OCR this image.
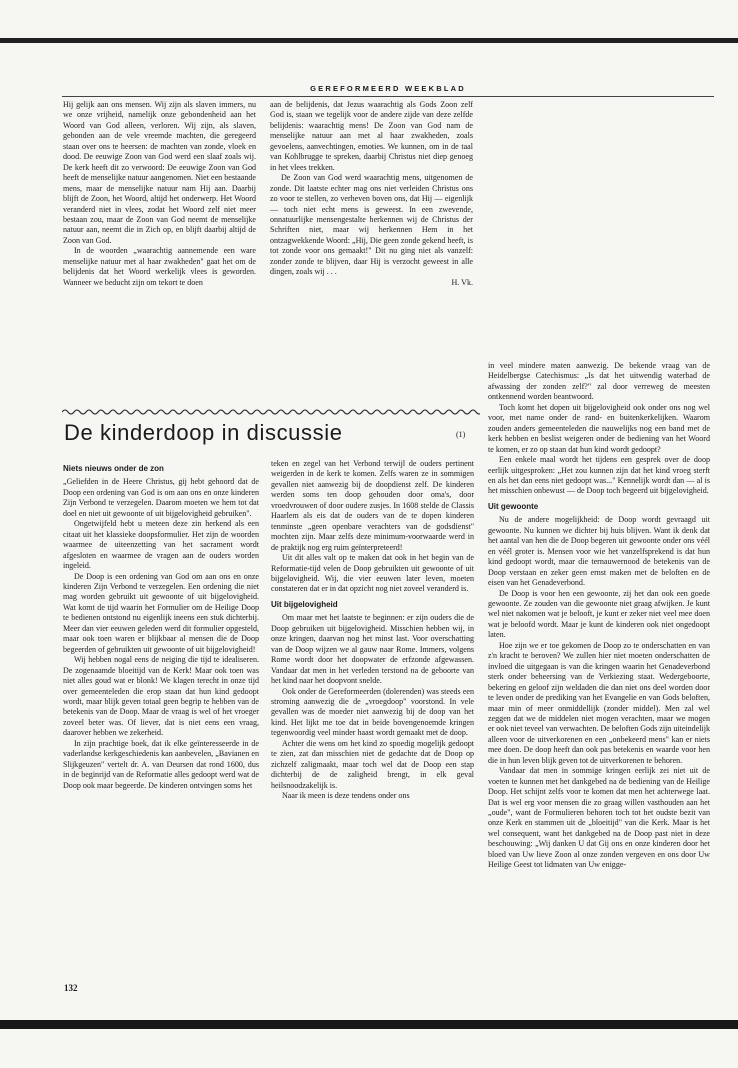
GEREFORMEERD WEEKBLAD

Hij gelijk aan ons mensen. Wij zijn als slaven immers, nu we onze vrijheid, namelijk onze gebondenheid aan het Woord van God alleen, verloren. Wij zijn, als slaven, gebonden aan de vele vreemde machten, die geregeerd staan over ons te heersen: de machten van zonde, vloek en dood. De eeuwige Zoon van God werd een slaaf zoals wij. De kerk heeft dit zo verwoord: De eeuwige Zoon van God heeft de menselijke natuur aangenomen. Niet een bestaande mens, maar de menselijke natuur nam Hij aan. Daarbij blijft de Zoon, het Woord, altijd het onderwerp. Het Woord veranderd niet in vlees, zodat het Woord zelf niet meer bestaan zou, maar de Zoon van God neemt de menselijke natuur aan, neemt die in Zich op, en blijft daarbij altijd de Zoon van God.

In de woorden „waarachtig aannemende een ware menselijke natuur met al haar zwakheden" gaat het om de belijdenis dat het Woord werkelijk vlees is geworden. Wanneer we beducht zijn om tekort te doen

aan de belijdenis, dat Jezus waarachtig als Gods Zoon zelf God is, staan we tegelijk voor de andere zijde van deze zelfde belijdenis: waarachtig mens! De Zoon van God nam de menselijke natuur aan met al haar zwakheden, zoals gevoelens, aanvechtingen, emoties. We kunnen, om in de taal van Kohlbrugge te spreken, daarbij Christus niet diep genoeg in het vlees trekken.

De Zoon van God werd waarachtig mens, uitgenomen de zonde. Dit laatste echter mag ons niet verleiden Christus ons zo voor te stellen, zo verheven boven ons, dat Hij — eigenlijk — toch niet echt mens is geweest. In een zwevende, onnatuurlijke mensengestalte herkennen wij de Christus der Schriften niet, maar wij herkennen Hem in het ontzagwekkende Woord: „Hij, Die geen zonde gekend heeft, is tot zonde voor ons gemaakt!" Dit nu ging niet als vanzelf: zonder zonde te blijven, daar Hij is verzocht geweest in alle dingen, zoals wij . . .

H. Vk.

De kinderdoop in discussie	(1)
Niets nieuws onder de zon

„Geliefden in de Heere Christus, gij hebt gehoord dat de Doop een ordening van God is om aan ons en onze kinderen Zijn Verbond te verzegelen. Daarom moeten we hem tot dat doel en niet uit gewoonte of uit bijgelovigheid gebruiken".

Ongetwijfeld hebt u meteen deze zin herkend als een citaat uit het klassieke doopsformulier. Het zijn de woorden waarmee de uiteenzetting van het sacrament wordt afgesloten en waarmee de vragen aan de ouders worden ingeleid.

De Doop is een ordening van God om aan ons en onze kinderen Zijn Verbond te verzegelen. Een ordening die niet mag worden gebruikt uit gewoonte of uit bijgelovigheid. Wat komt de tijd waarin het Formulier om de Heilige Doop te bedienen ontstond nu eigenlijk ineens een stuk dichterbij. Meer dan vier eeuwen geleden werd dit formulier opgesteld, maar ook toen waren er blijkbaar al mensen die de Doop begeerden of gebruikten uit gewoonte of uit bijgelovigheid!

Wij hebben nogal eens de neiging die tijd te idealiseren. De zogenaamde bloeitijd van de Kerk! Maar ook toen was niet alles goud wat er blonk! We klagen terecht in onze tijd over gemeenteleden die erop staan dat hun kind gedoopt wordt, maar blijk geven totaal geen begrip te hebben van de betekenis van de Doop. Maar de vraag is wel of het vroeger zoveel beter was. Of liever, dat is niet eens een vraag, daarover hebben we zekerheid.

In zijn prachtige boek, dat ik elke geïnteresseerde in de vaderlandse kerkgeschiedenis kan aanbevelen, „Bavianen en Slijkgeuzen" vertelt dr. A. van Deursen dat rond 1600, dus in de beginrijd van de Reformatie alles gedoopt werd wat de Doop ook maar begeerde. De kinderen ontvingen soms het

teken en zegel van het Verbond terwijl de ouders pertinent weigerden in de kerk te komen. Zelfs waren ze in sommigen gevallen niet aanwezig bij de doopdienst zelf. De kinderen werden soms ten doop gehouden door oma's, door vroedvrouwen of door oudere zusjes. In 1608 stelde de Classis Haarlem als eis dat de ouders van de te dopen kinderen tenminste „geen openbare verachters van de godsdienst" mochten zijn. Maar zelfs deze minimum-voorwaarde werd in de praktijk nog erg ruim geïnterpreteerd!

Uit dit alles valt op te maken dat ook in het begin van de Reformatie-tijd velen de Doop gebruikten uit gewoonte of uit bijgelovigheid. Wij, die vier eeuwen later leven, moeten constateren dat er in dat opzicht nog niet zoveel veranderd is.

Uit bijgelovigheid

Om maar met het laatste te beginnen: er zijn ouders die de Doop gebruiken uit bijgelovigheid. Misschien hebben wij, in onze kringen, daarvan nog het minst last. Voor overschatting van de Doop wijzen we al gauw naar Rome. Immers, volgens Rome wordt door het doopwater de erfzonde afgewassen. Vandaar dat men in het verleden terstond na de geboorte van het kind naar het doopvont snelde.

Ook onder de Gereformeerden (dolerenden) was steeds een stroming aanwezig die de „vroegdoop" voorstond. In vele gevallen was de moeder niet aanwezig bij de doop van het kind. Het lijkt me toe dat in beide bovengenoemde kringen tegenwoordig veel minder haast wordt gemaakt met de doop.

Achter die wens om het kind zo spoedig mogelijk gedoopt te zien, zat dan misschien niet de gedachte dat de Doop op zichzelf zaligmaakt, maar toch wel dat de Doop een stap dichterbij de de zaligheid brengt, in elk geval heilsnoodzakelijk is.

Naar ik meen is deze tendens onder ons

in veel mindere maten aanwezig. De bekende vraag van de Heidelbergse Catechismus: „Is dat het uitwendig waterbad de afwassing der zonden zelf?" zal door verreweg de meesten ontkennend worden beantwoord.

Toch komt het dopen uit bijgelovigheid ook onder ons nog wel voor, met name onder de rand- en buitenkerkelijken. Waarom zouden anders gemeenteleden die nauwelijks nog een band met de kerk hebben en beslist weigeren onder de bediening van het Woord te komen, er zo op staan dat hun kind wordt gedoopt?

Een enkele maal wordt het tijdens een gesprek over de doop eerlijk uitgesproken: „Het zou kunnen zijn dat het kind vroeg sterft en als het dan eens niet gedoopt was..." Kennelijk wordt dan — al is het misschien onbewust — de Doop toch begeerd uit bijgelovigheid.

Uit gewoonte

Nu de andere mogelijkheid: de Doop wordt gevraagd uit gewoonte. Nu kunnen we dichter bij huis blijven. Want ik denk dat het aantal van hen die de Doop begeren uit gewoonte onder ons véél en véél groter is. Mensen voor wie het vanzelfsprekend is dat hun kind gedoopt wordt, maar die ternauwernood de betekenis van de Doop verstaan en zeker geen ernst maken met de beloften en de eisen van het Genadeverbond.

De Doop is voor hen een gewoonte, zij het dan ook een goede gewoonte. Ze zouden van die gewoonte niet graag afwijken. Je kunt wel niet nakomen wat je belooft, je kunt er zeker niet veel mee doen wat je beloofd wordt. Maar je kunt de kinderen ook niet ongedoopt laten.

Hoe zijn we er toe gekomen de Doop zo te onderschatten en van z'n kracht te beroven? We zullen hier niet moeten onderschatten de invloed die uitgegaan is van die kringen waarin het Genadeverbond sterk onder beheersing van de Verkiezing staat. Wedergeboorte, bekering en geloof zijn weldaden die dan niet ons deel worden door te leven onder de prediking van het Evangelie en van Gods beloften, maar min of meer onmiddellijk (zonder middel). Men zal wel zeggen dat we de middelen niet mogen verachten, maar we mogen er ook niet teveel van verwachten. De beloften Gods zijn uiteindelijk alleen voor de uitverkorenen en een „onbekeerd mens" kan er niets mee doen. De doop heeft dan ook pas betekenis en waarde voor hen die in hun leven blijk geven tot de uitverkorenen te behoren.

Vandaar dat men in sommige kringen eerlijk zei niet uit de voeten te kunnen met het dankgebed na de bediening van de Heilige Doop. Het schijnt zelfs voor te komen dat men het achterwege laat. Dat is wel erg voor mensen die zo graag willen vasthouden aan het „oude", want de Formulieren behoren toch tot het oudste bezit van onze Kerk en stammen uit de „bloeitijd" van die Kerk. Maar is het wel consequent, want het dankgebed na de Doop past niet in deze beschouwing: „Wij danken U dat Gij ons en onze kinderen door het bloed van Uw lieve Zoon al onze zonden vergeven en ons door Uw Heilige Geest tot lidmaten van Uw enigge-

132
